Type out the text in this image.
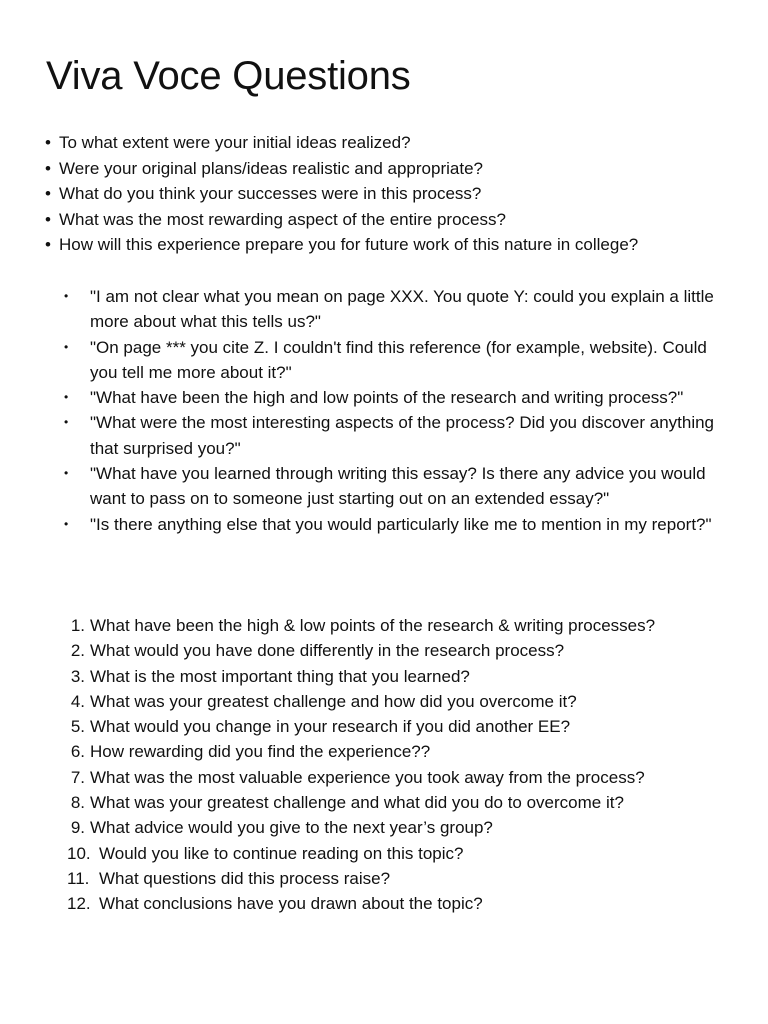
Viva Voce Questions
• To what extent were your initial ideas realized?
• Were your original plans/ideas realistic and appropriate?
• What do you think your successes were in this process?
• What was the most rewarding aspect of the entire process?
• How will this experience prepare you for future work of this nature in college?
•	"I am not clear what you mean on page XXX. You quote Y: could you explain a little more about what this tells us?"
•	"On page *** you cite Z. I couldn't find this reference (for example, website). Could you tell me more about it?"
•	"What have been the high and low points of the research and writing process?"
•	"What were the most interesting aspects of the process? Did you discover anything that surprised you?"
•	"What have you learned through writing this essay? Is there any advice you would want to pass on to someone just starting out on an extended essay?"
•	"Is there anything else that you would particularly like me to mention in my report?"
1. What have been the high & low points of the research & writing processes?
2. What would you have done differently in the research process?
3. What is the most important thing that you learned?
4. What was your greatest challenge and how did you overcome it?
5. What would you change in your research if you did another EE?
6. How rewarding did you find the experience??
7. What was the most valuable experience you took away from the process?
8. What was your greatest challenge and what did you do to overcome it?
9. What advice would you give to the next year’s group?
10. Would you like to continue reading on this topic?
11. What questions did this process raise?
12. What conclusions have you drawn about the topic?
